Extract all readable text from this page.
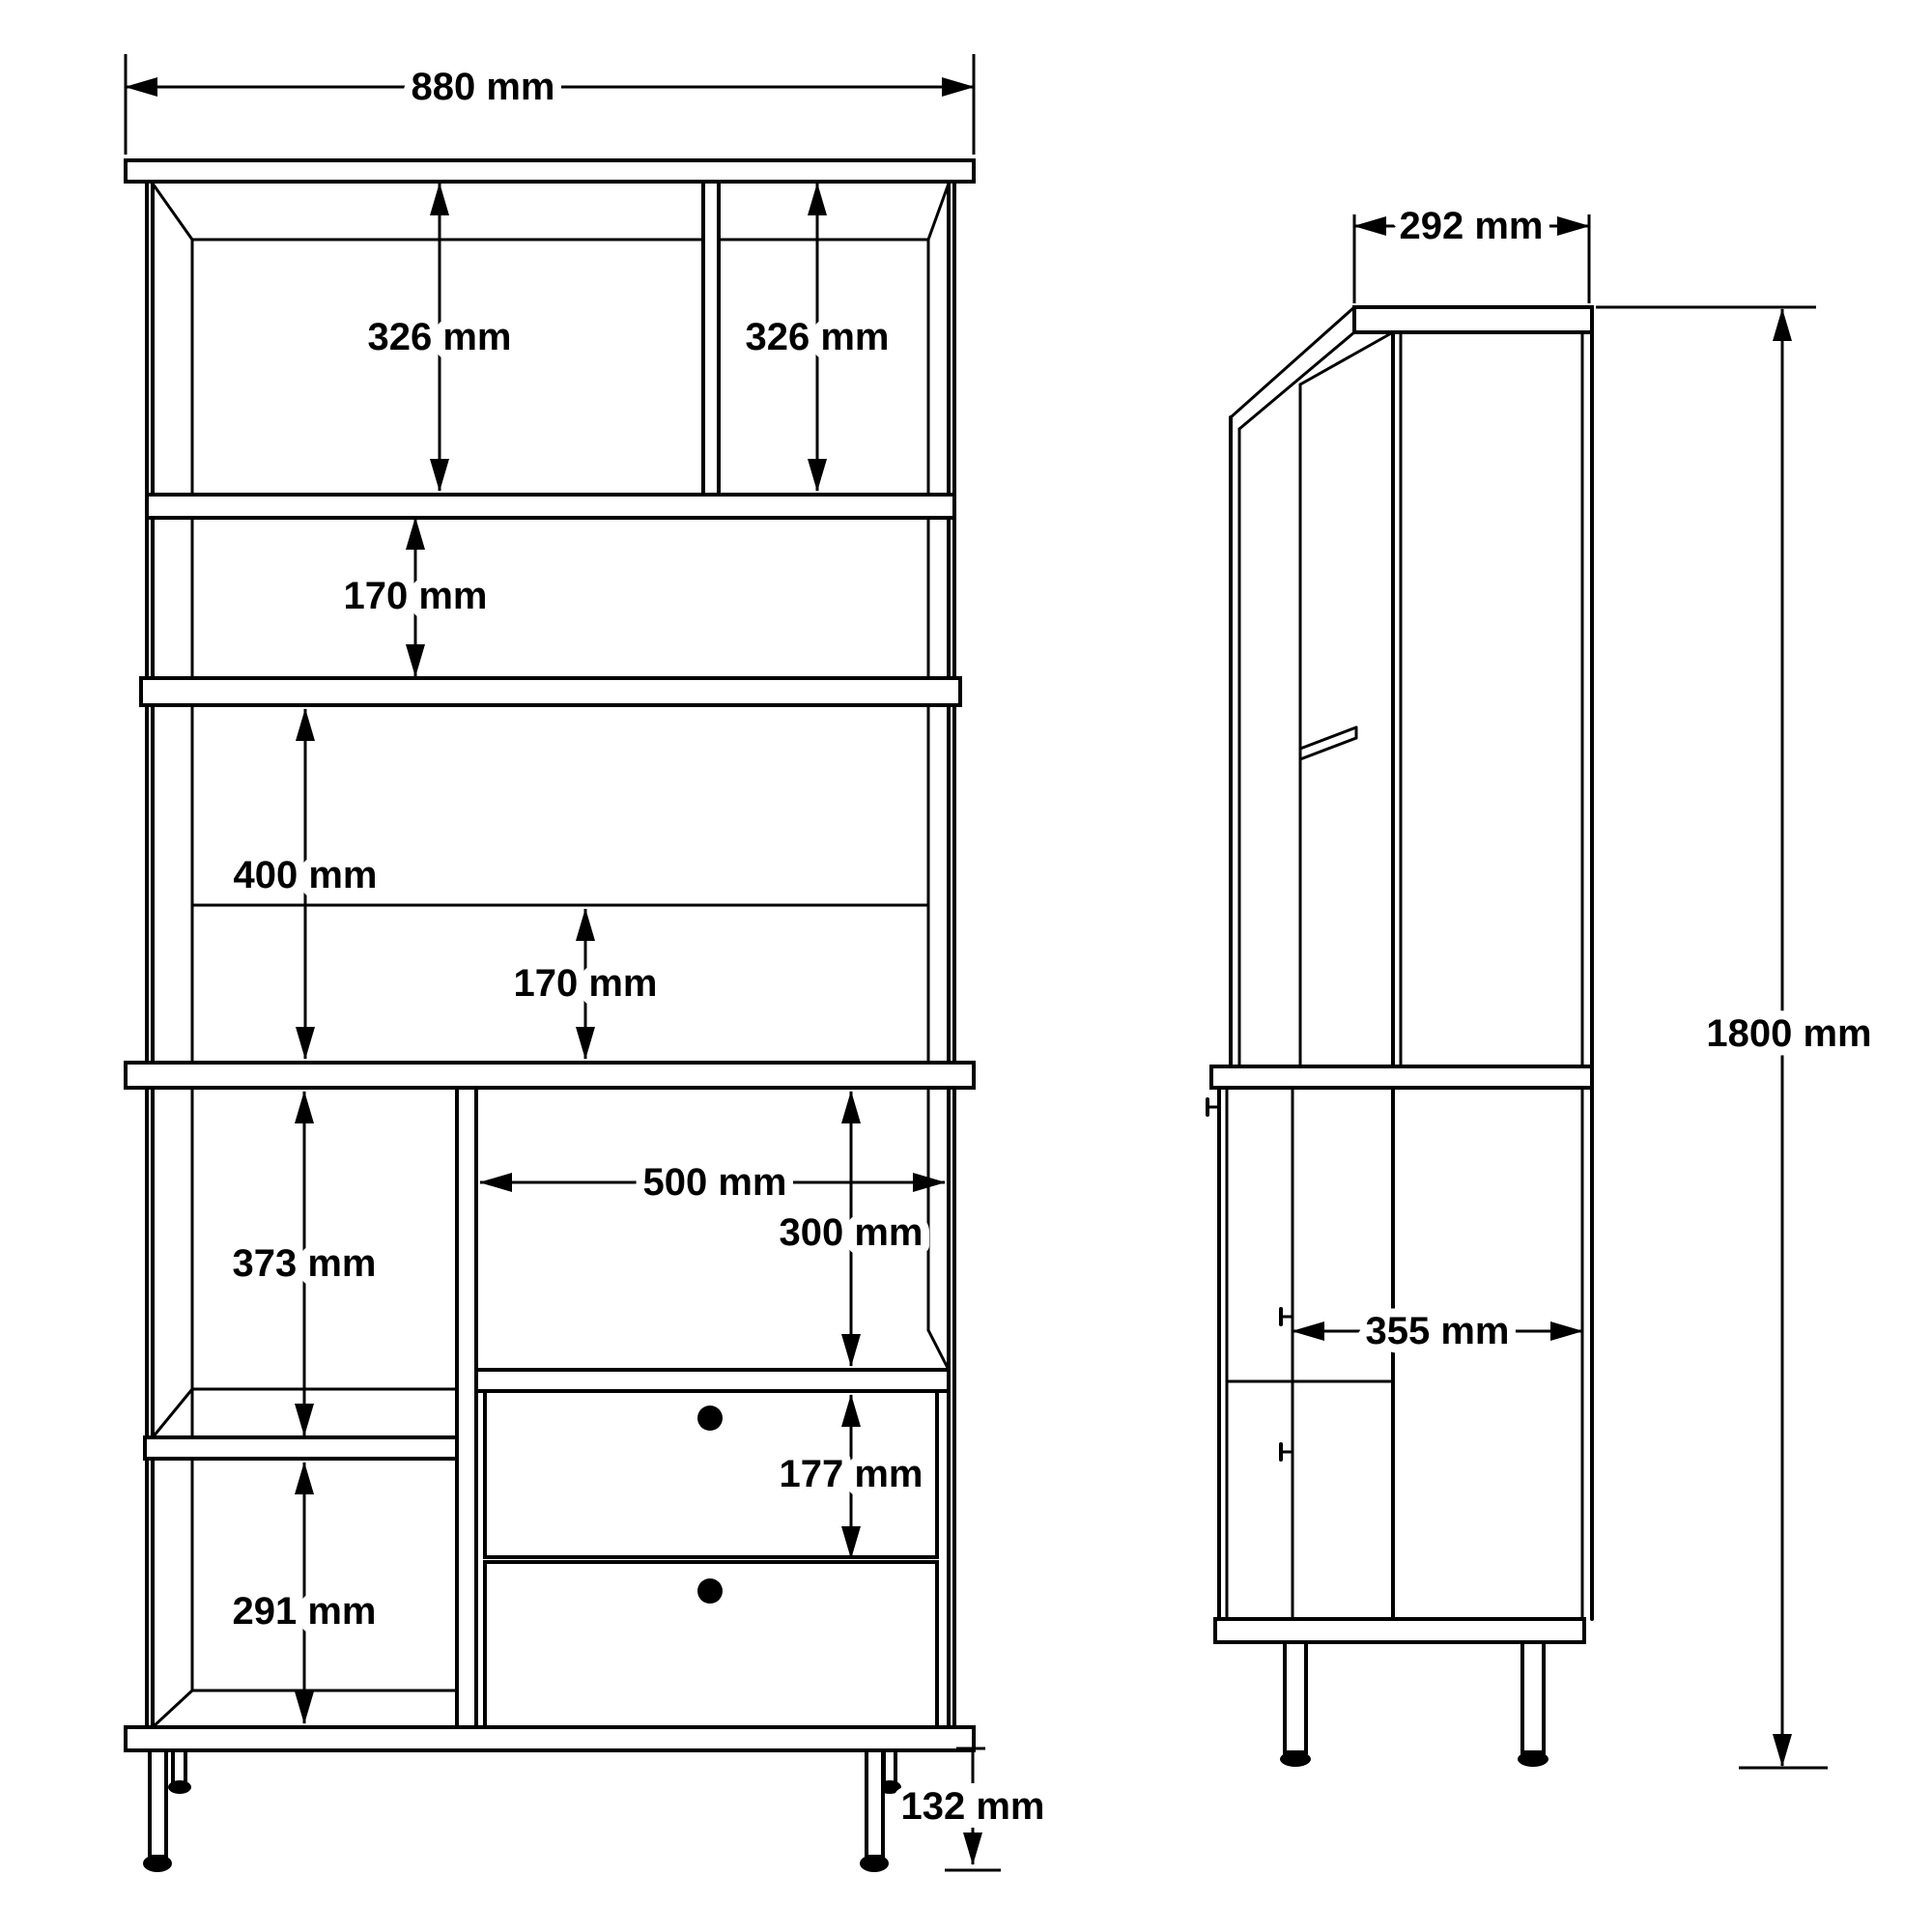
880 mm
326 mm	326 mm
170 mm
400 mm
170 mm
373 mm
291 mm
500 mm
300 mm
177 mm
132 mm
292 mm
1800 mm
355 mm
